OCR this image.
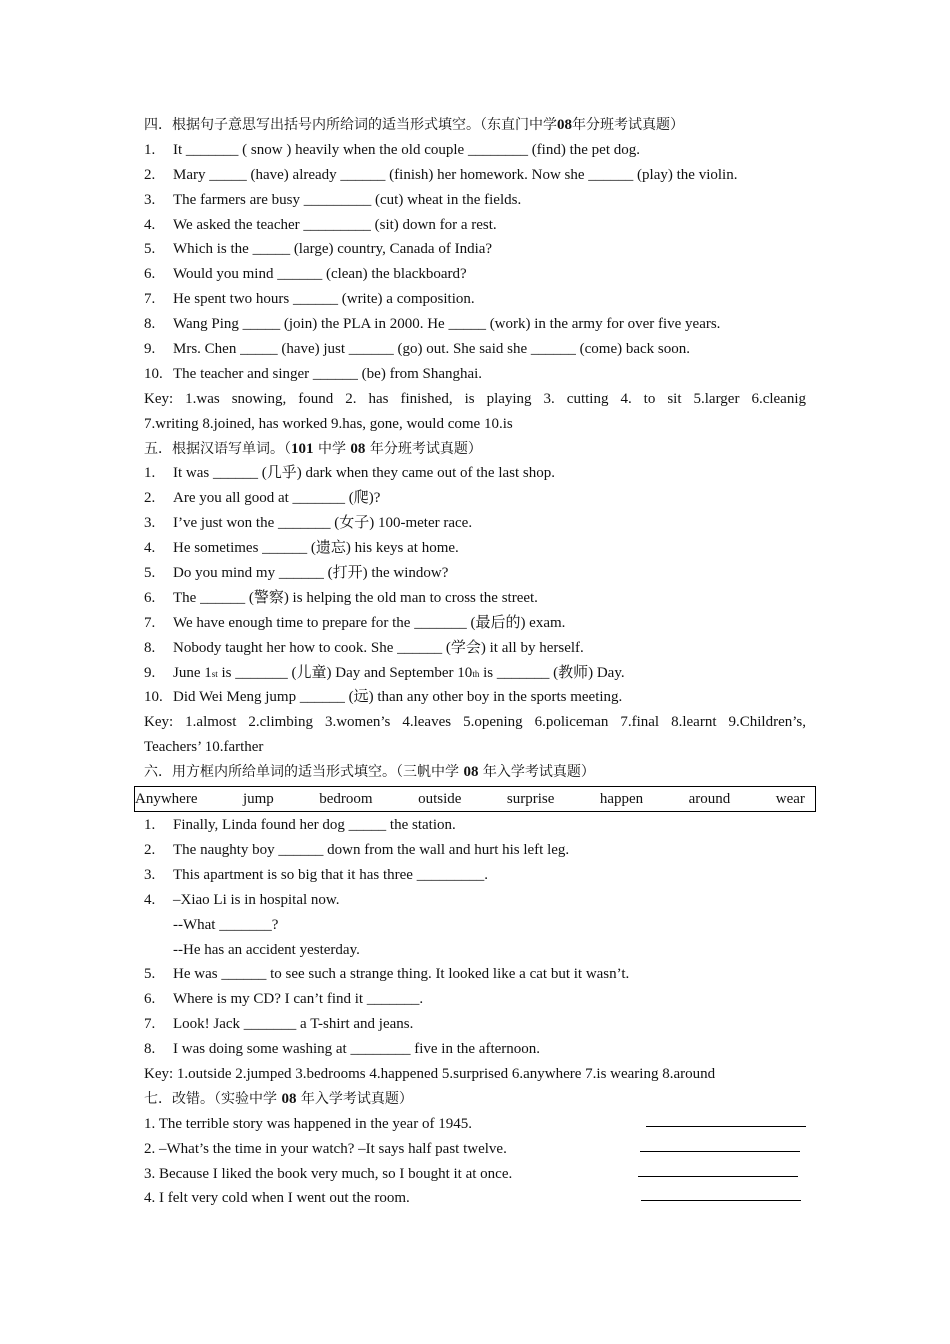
四．根据句子意思写出括号内所给词的适当形式填空。（东直门中学08年分班考试真题）
1. It _______ ( snow ) heavily when the old couple ________ (find) the pet dog.
2. Mary _____ (have) already ______ (finish) her homework. Now she ______ (play) the violin.
3. The farmers are busy _________ (cut) wheat in the fields.
4. We asked the teacher _________ (sit) down for a rest.
5. Which is the _____ (large) country, Canada of India?
6. Would you mind ______ (clean) the blackboard?
7. He spent two hours ______ (write) a composition.
8. Wang Ping _____ (join) the PLA in 2000. He _____ (work) in the army for over five years.
9. Mrs. Chen _____ (have) just ______ (go) out. She said she ______ (come) back soon.
10. The teacher and singer ______ (be) from Shanghai.
Key: 1.was snowing, found 2. has finished, is playing 3. cutting 4. to sit 5.larger 6.cleanig
7.writing 8.joined, has worked 9.has, gone, would come 10.is
五．根据汉语写单词。（101 中学 08 年分班考试真题）
1. It was ______ (几乎) dark when they came out of the last shop.
2. Are you all good at _______ (爬)?
3. I’ve just won the _______ (女子) 100-meter race.
4. He sometimes ______ (遗忘) his keys at home.
5. Do you mind my ______ (打开) the window?
6. The ______ (警察) is helping the old man to cross the street.
7. We have enough time to prepare for the _______ (最后的) exam.
8. Nobody taught her how to cook. She ______ (学会) it all by herself.
9. June 1st is _______ (儿童) Day and September 10th is _______ (教师) Day.
10. Did Wei Meng jump ______ (远) than any other boy in the sports meeting.
Key: 1.almost 2.climbing 3.women’s 4.leaves 5.opening 6.policeman 7.final 8.learnt 9.Children’s,
Teachers’ 10.farther
六．用方框内所给单词的适当形式填空。（三帆中学 08 年入学考试真题）
Anywhere	jump	bedroom	outside	surprise	happen	around	wear
1. Finally, Linda found her dog _____ the station.
2. The naughty boy ______ down from the wall and hurt his left leg.
3. This apartment is so big that it has three _________.
4. –Xiao Li is in hospital now.
--What _______?
--He has an accident yesterday.
5. He was ______ to see such a strange thing. It looked like a cat but it wasn’t.
6. Where is my CD? I can’t find it _______.
7. Look! Jack _______ a T-shirt and jeans.
8. I was doing some washing at ________ five in the afternoon.
Key: 1.outside 2.jumped 3.bedrooms 4.happened 5.surprised 6.anywhere 7.is wearing 8.around
七．改错。（实验中学 08 年入学考试真题）
1. The terrible story was happened in the year of 1945.
2. –What’s the time in your watch? –It says half past twelve.
3. Because I liked the book very much, so I bought it at once.
4. I felt very cold when I went out the room.
